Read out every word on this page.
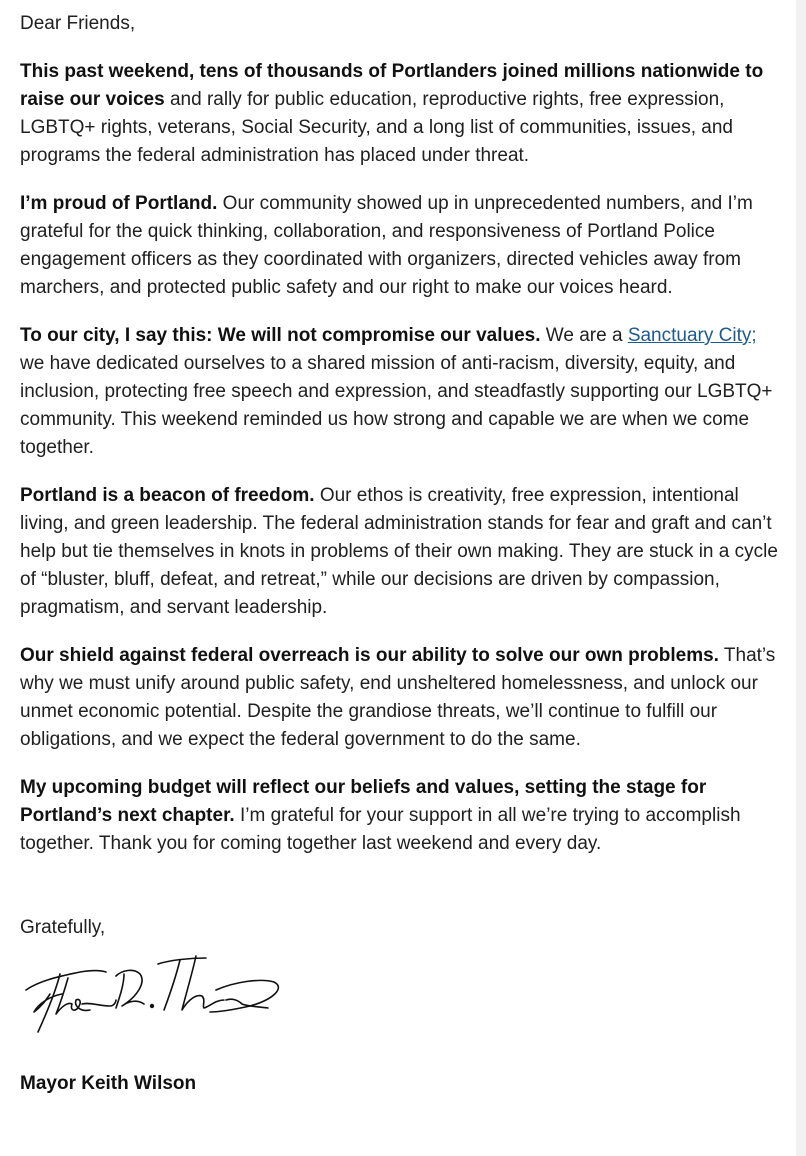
Dear Friends,

This past weekend, tens of thousands of Portlanders joined millions nationwide to raise our voices and rally for public education, reproductive rights, free expression, LGBTQ+ rights, veterans, Social Security, and a long list of communities, issues, and programs the federal administration has placed under threat.

I’m proud of Portland. Our community showed up in unprecedented numbers, and I’m grateful for the quick thinking, collaboration, and responsiveness of Portland Police engagement officers as they coordinated with organizers, directed vehicles away from marchers, and protected public safety and our right to make our voices heard.

To our city, I say this: We will not compromise our values. We are a Sanctuary City; we have dedicated ourselves to a shared mission of anti-racism, diversity, equity, and inclusion, protecting free speech and expression, and steadfastly supporting our LGBTQ+ community. This weekend reminded us how strong and capable we are when we come together.

Portland is a beacon of freedom. Our ethos is creativity, free expression, intentional living, and green leadership. The federal administration stands for fear and graft and can’t help but tie themselves in knots in problems of their own making. They are stuck in a cycle of “bluster, bluff, defeat, and retreat,” while our decisions are driven by compassion, pragmatism, and servant leadership.

Our shield against federal overreach is our ability to solve our own problems. That’s why we must unify around public safety, end unsheltered homelessness, and unlock our unmet economic potential. Despite the grandiose threats, we’ll continue to fulfill our obligations, and we expect the federal government to do the same.

My upcoming budget will reflect our beliefs and values, setting the stage for Portland’s next chapter. I’m grateful for your support in all we’re trying to accomplish together. Thank you for coming together last weekend and every day.

Gratefully,

Mayor Keith Wilson
